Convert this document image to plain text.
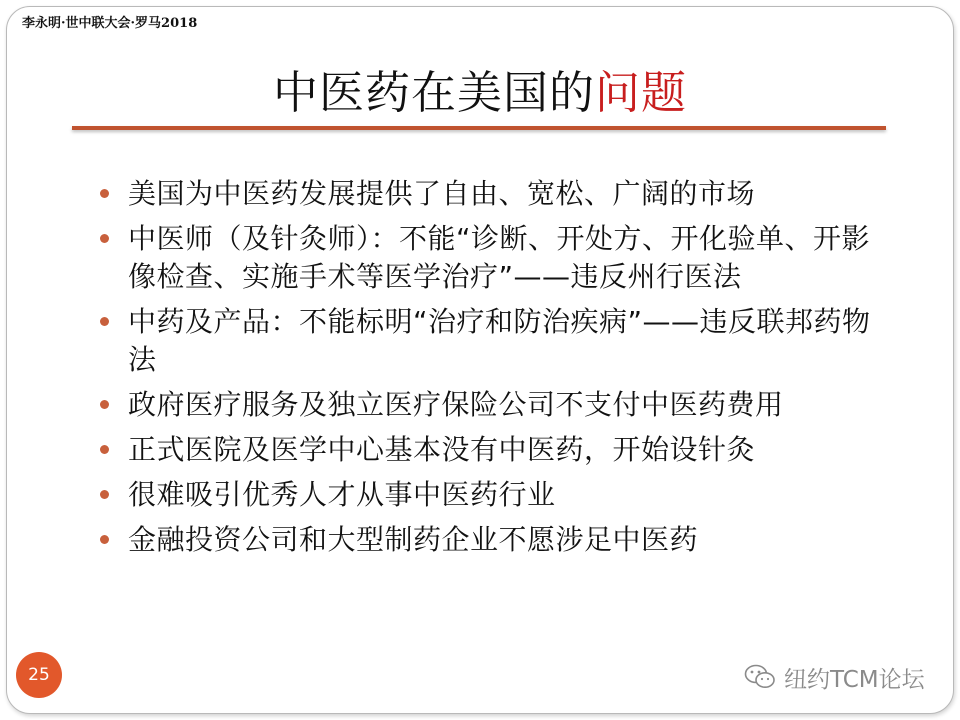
李永明·世中联大会·罗马2018
中医药在美国的问题
美国为中医药发展提供了自由、宽松、广阔的市场
中医师（及针灸师）：不能“诊断、开处方、开化验单、开影像检查、实施手术等医学治疗”——违反州行医法
中药及产品：不能标明“治疗和防治疾病”——违反联邦药物法
政府医疗服务及独立医疗保险公司不支付中医药费用
正式医院及医学中心基本没有中医药，开始设针灸
很难吸引优秀人才从事中医药行业
金融投资公司和大型制药企业不愿涉足中医药
25	纽约TCM论坛
